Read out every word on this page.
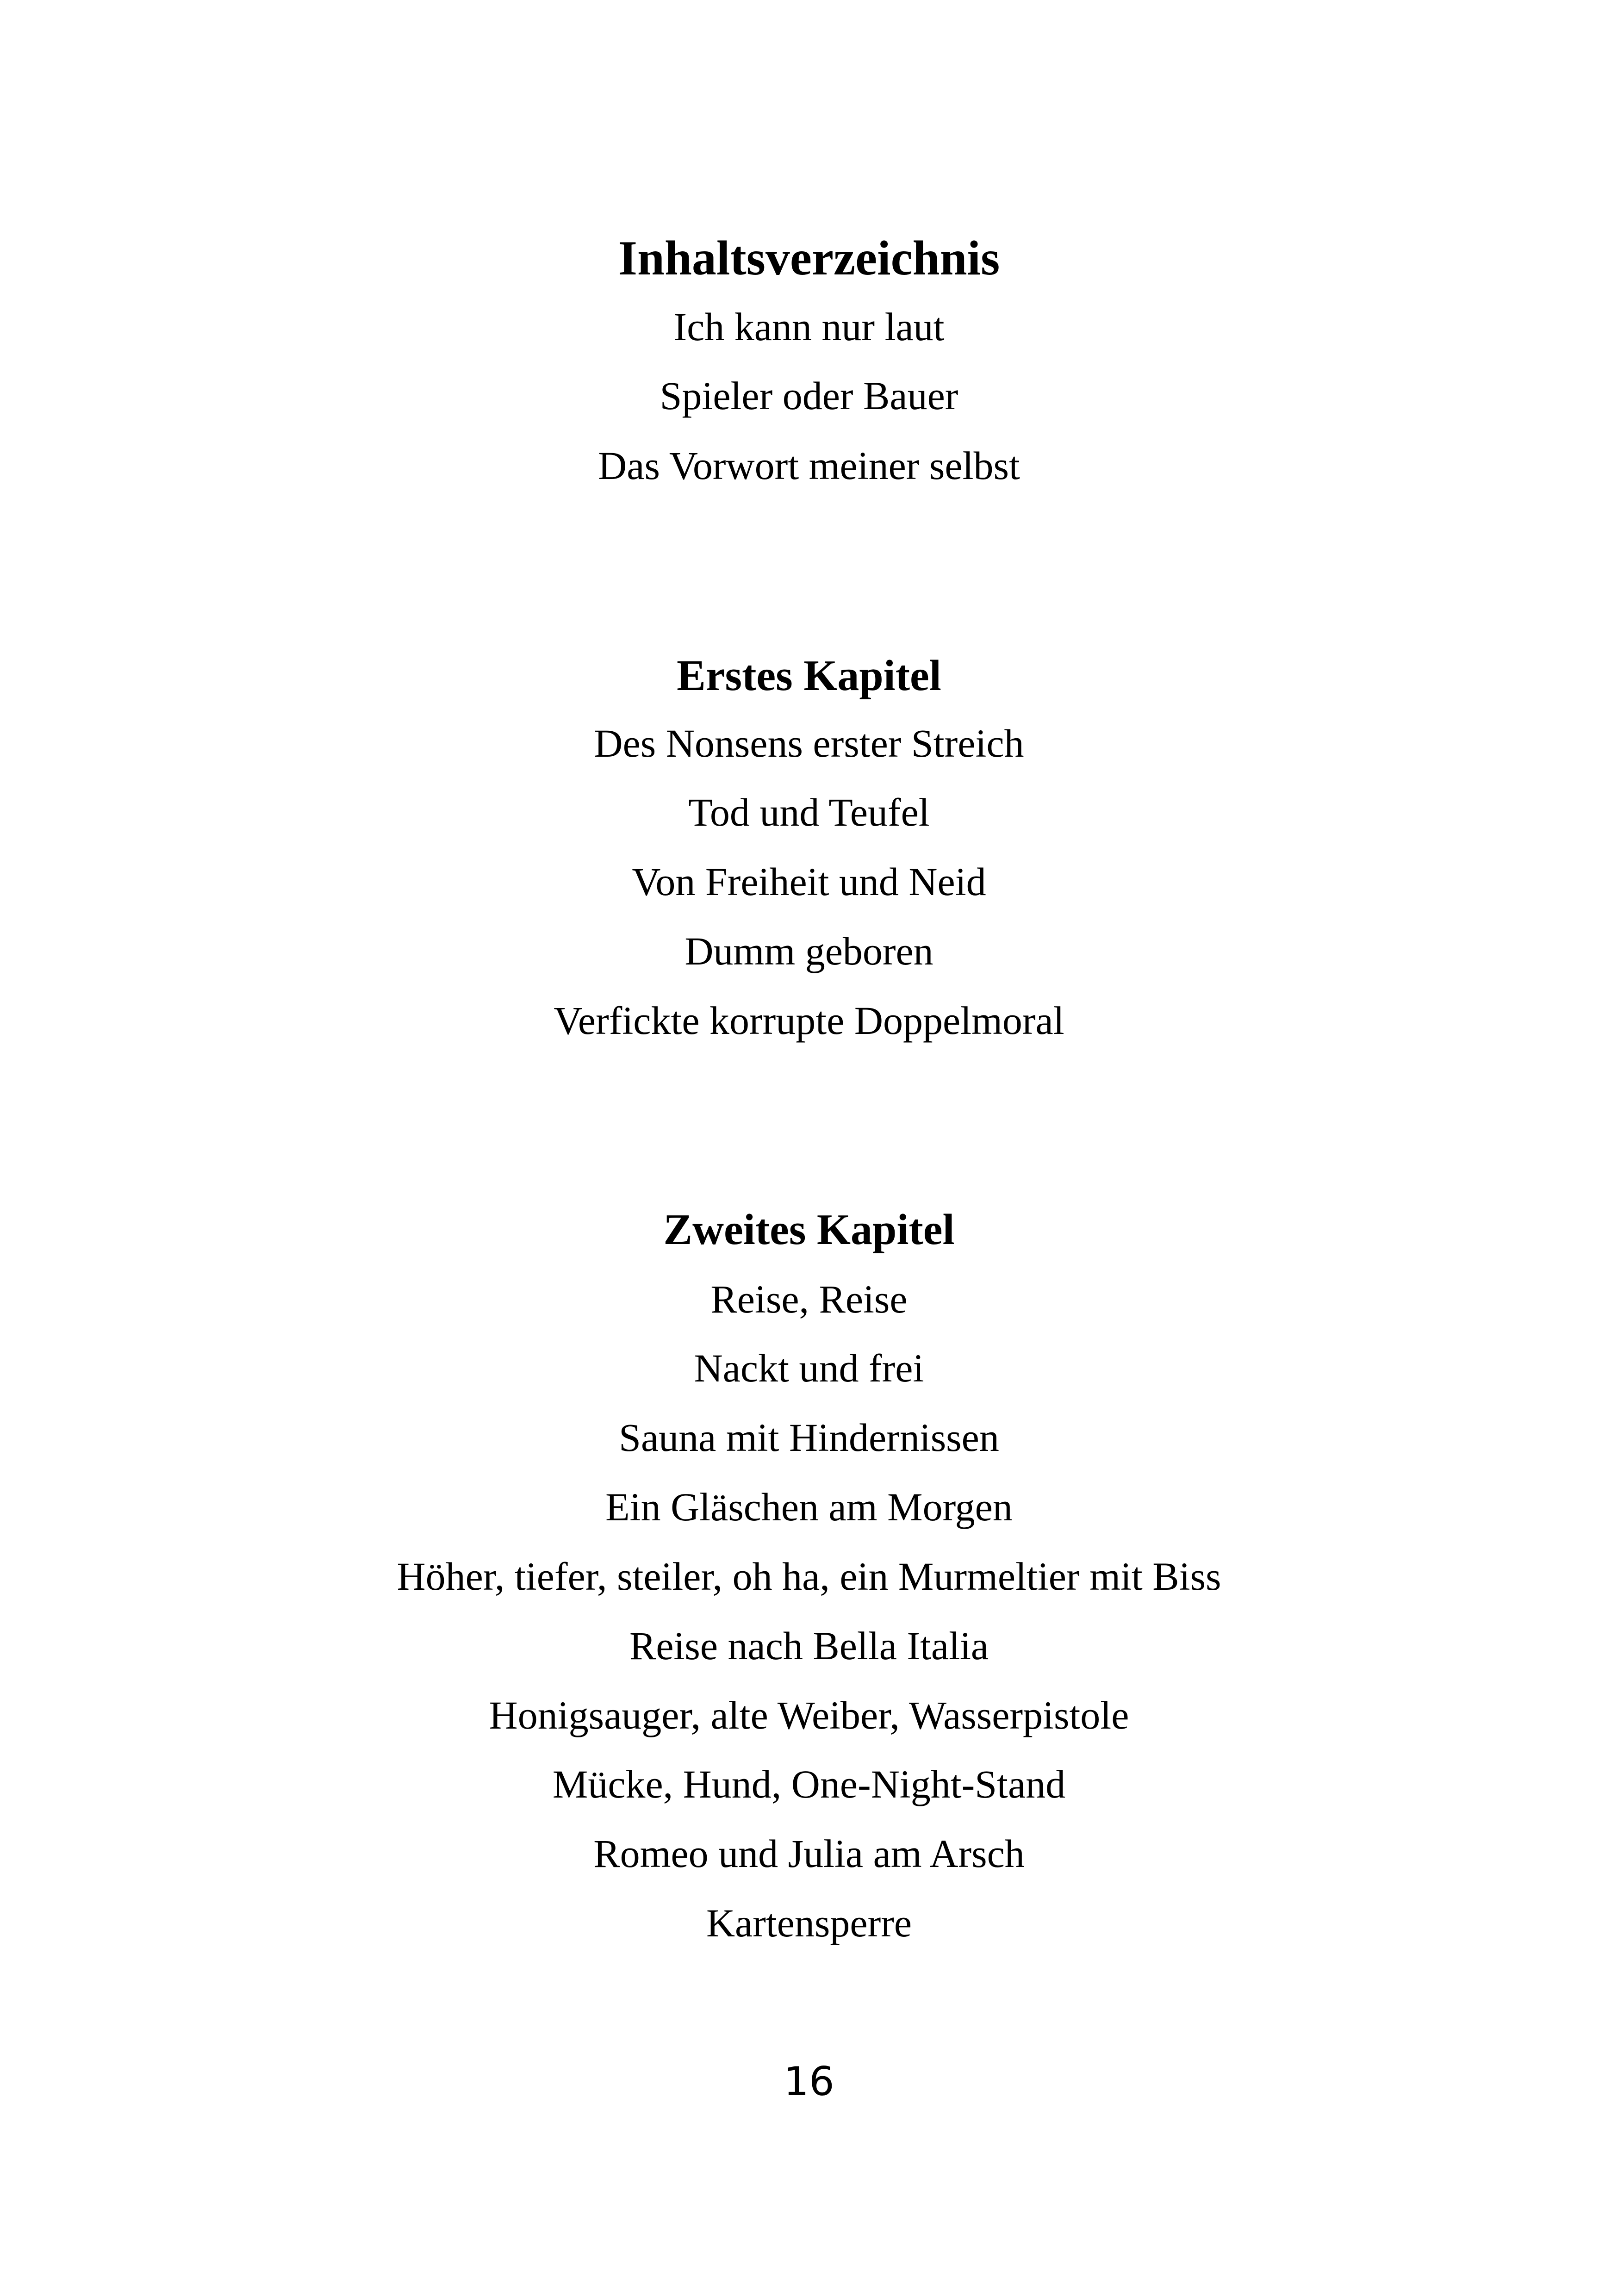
Inhaltsverzeichnis
Ich kann nur laut
Spieler oder Bauer
Das Vorwort meiner selbst
Erstes Kapitel
Des Nonsens erster Streich
Tod und Teufel
Von Freiheit und Neid
Dumm geboren
Verfickte korrupte Doppelmoral
Zweites Kapitel
Reise, Reise
Nackt und frei
Sauna mit Hindernissen
Ein Gläschen am Morgen
Höher, tiefer, steiler, oh ha, ein Murmeltier mit Biss
Reise nach Bella Italia
Honigsauger, alte Weiber, Wasserpistole
Mücke, Hund, One-Night-Stand
Romeo und Julia am Arsch
Kartensperre
16
